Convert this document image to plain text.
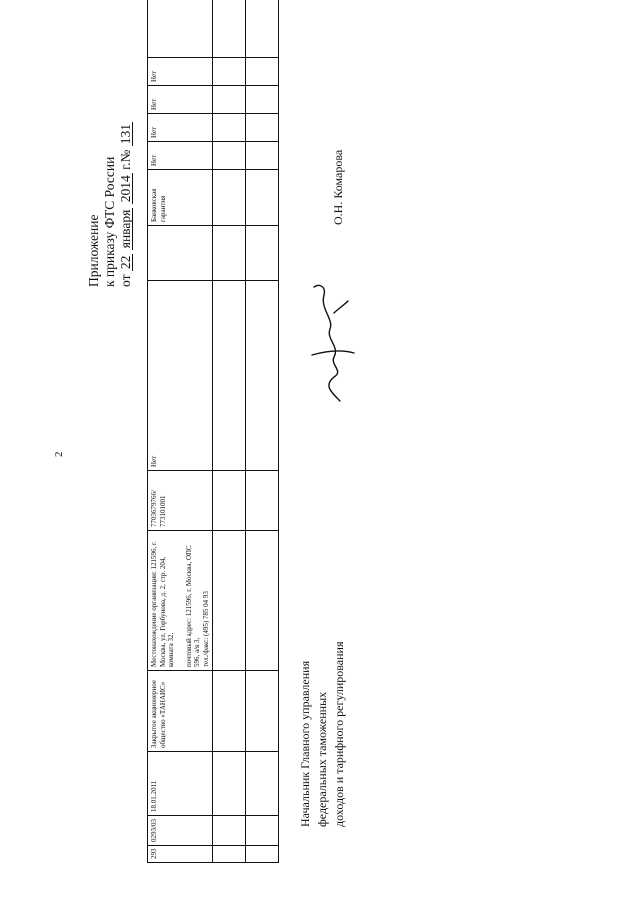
2
Приложение к приказу ФТС России от 22 января 2014 г.№ 131
293	0293/03	18.01.2011	Закрытое акционерное общество «ТАНАИС»	Местонахождение организации: 121596, г. Москва, ул. Горбунова, д. 2, стр. 204, комната 32, почтовый адрес: 121596, г. Москва, ОПС 596, а/я 3, тел./факс: (495) 785 04 93	7703679766/ 773101001	Нет		Банковская гарантия	Нет	Нет	Нет	Нет	

Начальник Главного управления федеральных таможенных доходов и тарифного регулирования
О.Н. Комарова
